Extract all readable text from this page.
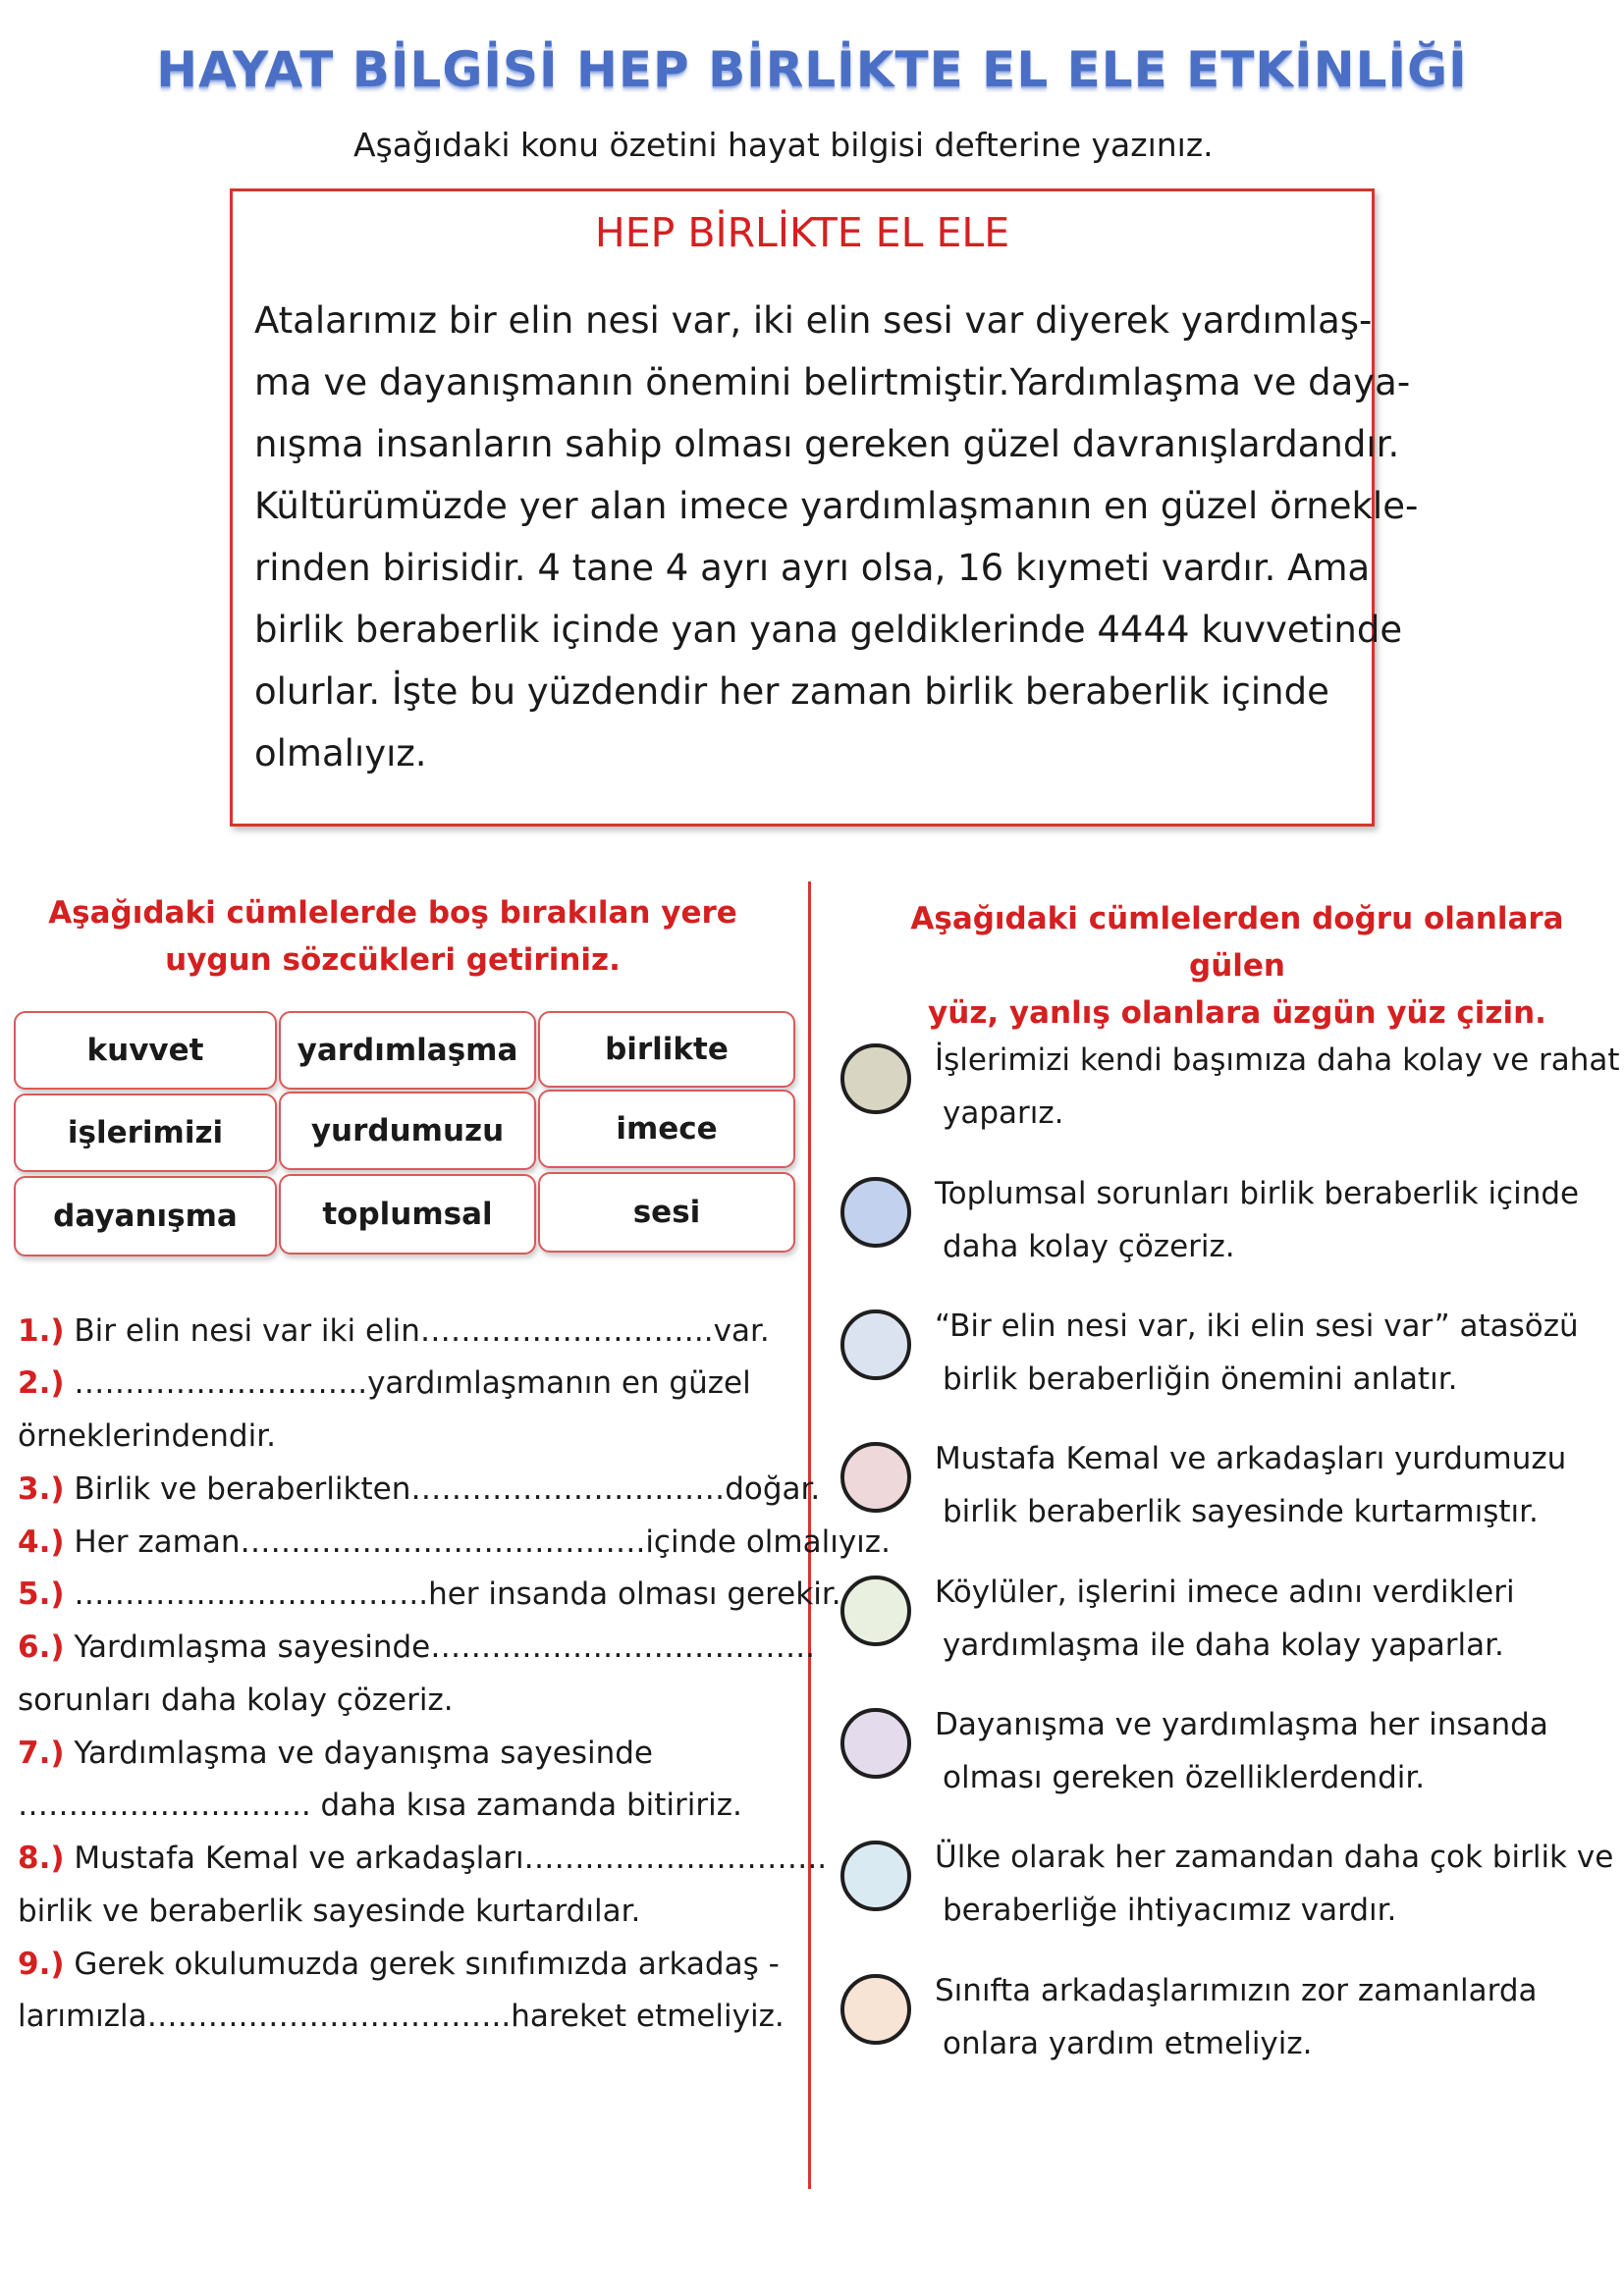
HAYAT BİLGİSİ HEP BİRLİKTE EL ELE ETKİNLİĞİ
Aşağıdaki konu özetini hayat bilgisi defterine yazınız.
HEP BİRLİKTE EL ELE

Atalarımız bir elin nesi var, iki elin sesi var diyerek yardımlaş-
ma ve dayanışmanın önemini belirtmiştir.Yardımlaşma ve daya-
nışma insanların sahip olması gereken güzel davranışlardandır.
Kültürümüzde yer alan imece yardımlaşmanın en güzel örnekle-
rinden birisidir. 4 tane 4 ayrı ayrı olsa, 16 kıymeti vardır. Ama
birlik beraberlik içinde yan yana geldiklerinde 4444 kuvvetinde
olurlar. İşte bu yüzdendir her zaman birlik beraberlik içinde
olmalıyız.

Aşağıdaki cümlelerde boş bırakılan yere
uygun sözcükleri getiriniz.
kuvvet	yardımlaşma	birlikte
işlerimizi	yurdumuzu	imece
dayanışma	toplumsal	sesi
1.) Bir elin nesi var iki elin………………………..var.
2.) ………………………..yardımlaşmanın en güzel
örneklerindendir.
3.) Birlik ve beraberlikten…………………….……doğar.
4.) Her zaman………………………………….içinde olmalıyız.
5.) ……………………………..her insanda olması gerekir.
6.) Yardımlaşma sayesinde………………………………..
sorunları daha kolay çözeriz.
7.) Yardımlaşma ve dayanışma sayesinde
……………………….. daha kısa zamanda bitiririz.
8.) Mustafa Kemal ve arkadaşları…….…………………..
birlik ve beraberlik sayesinde kurtardılar.
9.) Gerek okulumuzda gerek sınıfımızda arkadaş -
larımızla……….……………………..hareket etmeliyiz.
Aşağıdaki cümlelerden doğru olanlara gülen
yüz, yanlış olanlara üzgün yüz çizin.

İşlerimizi kendi başımıza daha kolay ve rahat
yaparız.

Toplumsal sorunları birlik beraberlik içinde
daha kolay çözeriz.

“Bir elin nesi var, iki elin sesi var” atasözü
birlik beraberliğin önemini anlatır.

Mustafa Kemal ve arkadaşları yurdumuzu
birlik beraberlik sayesinde kurtarmıştır.

Köylüler, işlerini imece adını verdikleri
yardımlaşma ile daha kolay yaparlar.

Dayanışma ve yardımlaşma her insanda
olması gereken özelliklerdendir.

Ülke olarak her zamandan daha çok birlik ve
beraberliğe ihtiyacımız vardır.

Sınıfta arkadaşlarımızın zor zamanlarda
onlara yardım etmeliyiz.
